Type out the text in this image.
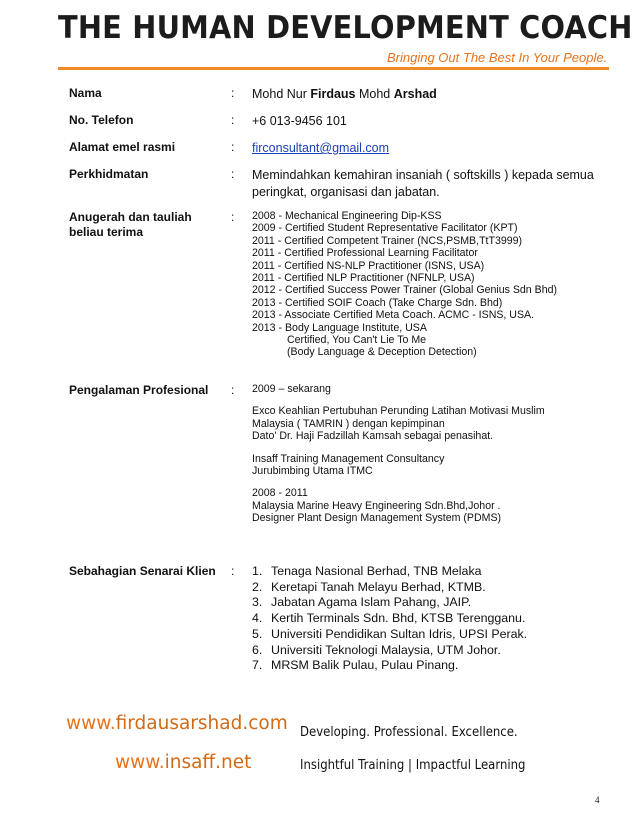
THE HUMAN DEVELOPMENT COACH
Bringing Out The Best In Your People.
Nama	: Mohd Nur Firdaus Mohd Arshad
No. Telefon	: +6 013-9456 101
Alamat emel rasmi	: firconsultant@gmail.com
Perkhidmatan	: Memindahkan kemahiran insaniah ( softskills ) kepada semua peringkat, organisasi dan jabatan.
Anugerah dan tauliah beliau terima
: 2008 - Mechanical Engineering Dip-KSS
2009 - Certified Student Representative Facilitator (KPT)
2011 - Certified Competent Trainer (NCS,PSMB,TtT3999)
2011 - Certified Professional Learning Facilitator
2011 - Certified NS-NLP Practitioner (ISNS, USA)
2011 - Certified NLP Practitioner (NFNLP, USA)
2012 - Certified Success Power Trainer (Global Genius Sdn Bhd)
2013 - Certified SOIF Coach (Take Charge Sdn. Bhd)
2013 - Associate Certified Meta Coach. ACMC - ISNS, USA.
2013 - Body Language Institute, USA
Certified, You Can't Lie To Me
(Body Language & Deception Detection)
Pengalaman Profesional	: 2009 – sekarang
Exco Keahlian Pertubuhan Perunding Latihan Motivasi Muslim
Malaysia ( TAMRIN ) dengan kepimpinan
Dato' Dr. Haji Fadzillah Kamsah sebagai penasihat.
Insaff Training Management Consultancy
Jurubimbing Utama ITMC
2008 - 2011
Malaysia Marine Heavy Engineering Sdn.Bhd,Johor .
Designer Plant Design Management System (PDMS)
Sebahagian Senarai Klien	: 1. Tenaga Nasional Berhad, TNB Melaka
2. Keretapi Tanah Melayu Berhad, KTMB.
3. Jabatan Agama Islam Pahang, JAIP.
4. Kertih Terminals Sdn. Bhd, KTSB Terengganu.
5. Universiti Pendidikan Sultan Idris, UPSI Perak.
6. Universiti Teknologi Malaysia, UTM Johor.
7. MRSM Balik Pulau, Pulau Pinang.
www.firdausarshad.com
www.insaff.net
Developing. Professional. Excellence.
Insightful Training | Impactful Learning
4
